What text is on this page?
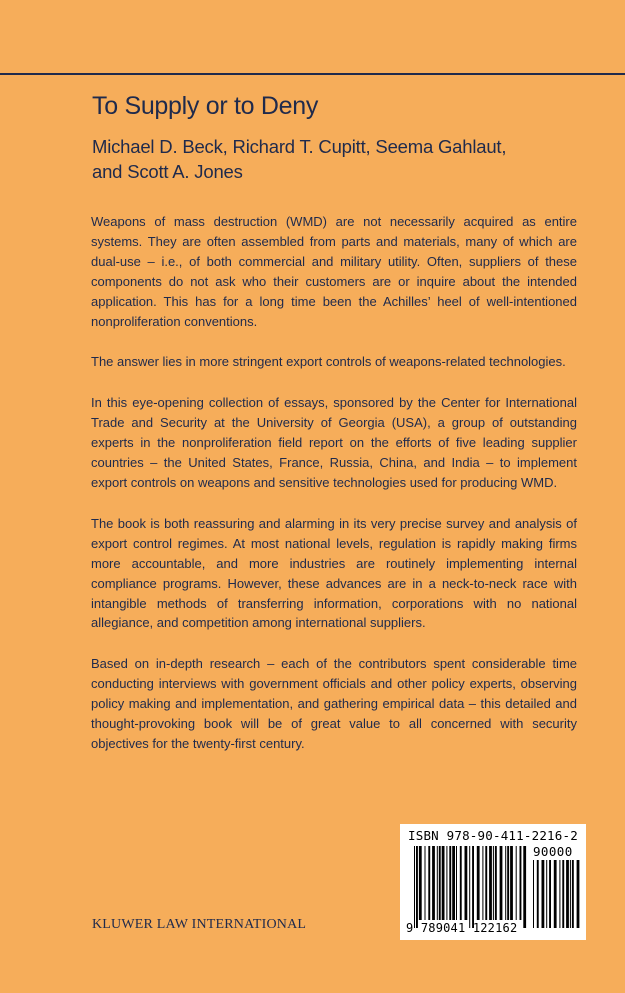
To Supply or to Deny
Michael D. Beck, Richard T. Cupitt, Seema Gahlaut,
and Scott A. Jones

Weapons of mass destruction (WMD) are not necessarily acquired as entire systems. They are often assembled from parts and materials, many of which are dual-use – i.e., of both commercial and military utility. Often, suppliers of these components do not ask who their customers are or inquire about the intended application. This has for a long time been the Achilles’ heel of well-intentioned nonproliferation conventions.

The answer lies in more stringent export controls of weapons-related technologies.

In this eye-opening collection of essays, sponsored by the Center for International Trade and Security at the University of Georgia (USA), a group of outstanding experts in the nonproliferation field report on the efforts of five leading supplier countries – the United States, France, Russia, China, and India – to implement export controls on weapons and sensitive technologies used for producing WMD.

The book is both reassuring and alarming in its very precise survey and analysis of export control regimes. At most national levels, regulation is rapidly making firms more accountable, and more industries are routinely implementing internal compliance programs. However, these advances are in a neck-to-neck race with intangible methods of transferring information, corporations with no national allegiance, and competition among international suppliers.

Based on in-depth research – each of the contributors spent considerable time conducting interviews with government officials and other policy experts, observing policy making and implementation, and gathering empirical data – this detailed and thought-provoking book will be of great value to all concerned with security objectives for the twenty-first century.

ISBN 978-90-411-2216-2
90000
9 789041 122162
KLUWER LAW INTERNATIONAL
